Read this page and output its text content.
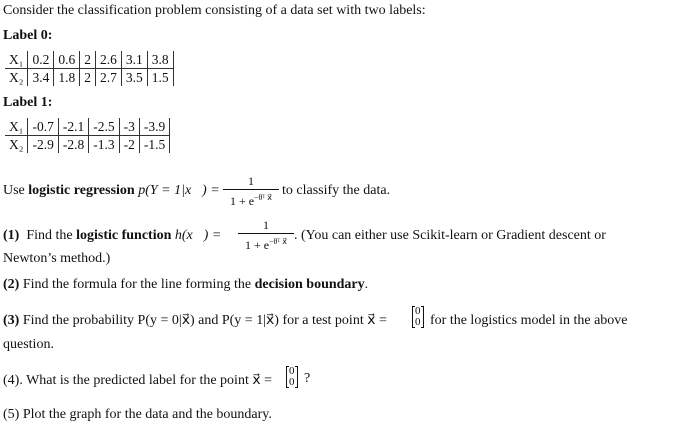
Consider the classification problem consisting of a data set with two labels:
Label 0:
X₁	0.2	0.6	2	2.6	3.1	3.8
X₂	3.4	1.8	2	2.7	3.5	1.5
Label 1:
X₁	-0.7	-2.1	-2.5	-3	-3.9
X₂	-2.9	-2.8	-1.3	-2	-1.5
Use logistic regression p(Y = 1|x⃗) =
1
$1 + e^{-\theta ᵀ x⃗}$ to classify the data.
(1) Find the logistic function h(x⃗) =
1
$1 + e^{-\theta ᵀ x⃗}$ . (You can either use Scikit-learn or Gradient descent or
Newton’s method.)
(2) Find the formula for the line forming the decision boundary.
(3) Find the probability P(y = 0|x⃗) and P(y = 1|x⃗) for a test point x⃗ =
0
0 for the logistics model in the above
question.
(4). What is the predicted label for the point x⃗ =
0
0 ?
(5) Plot the graph for the data and the boundary.
